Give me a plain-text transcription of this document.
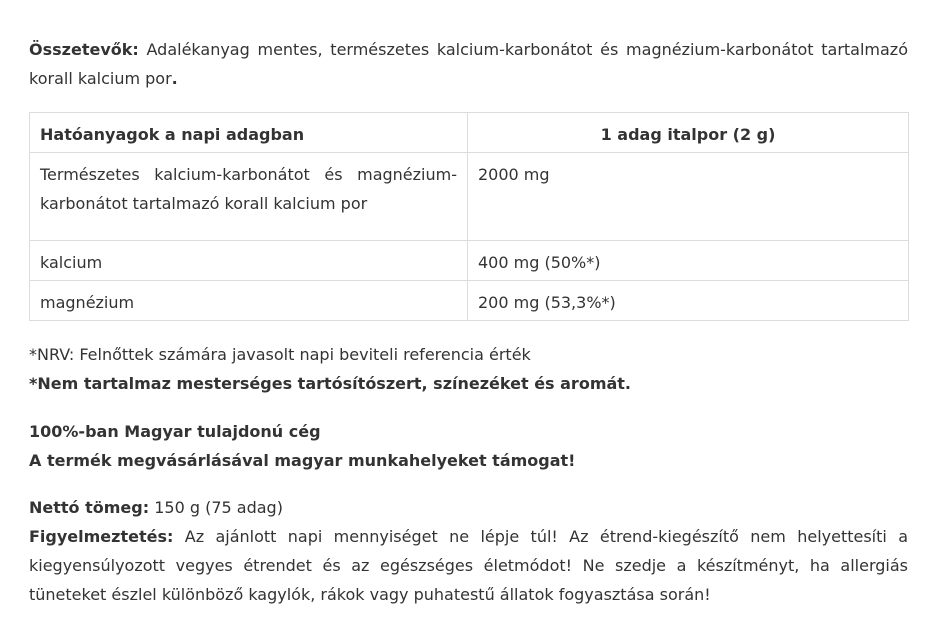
Összetevők: Adalékanyag mentes, természetes kalcium-karbonátot és magnézium-karbonátot tartalmazó korall kalcium por.

Hatóanyagok a napi adagban	1 adag italpor (2 g)
Természetes kalcium-karbonátot és magnézium-karbonátot tartalmazó korall kalcium por	2000 mg
kalcium	400 mg (50%*)
magnézium	200 mg (53,3%*)
*NRV: Felnőttek számára javasolt napi beviteli referencia érték
*Nem tartalmaz mesterséges tartósítószert, színezéket és aromát.
100%-ban Magyar tulajdonú cég
A termék megvásárlásával magyar munkahelyeket támogat!
Nettó tömeg: 150 g (75 adag)
Figyelmeztetés: Az ajánlott napi mennyiséget ne lépje túl! Az étrend-kiegészítő nem helyettesíti a kiegyensúlyozott vegyes étrendet és az egészséges életmódot! Ne szedje a készítményt, ha allergiás tüneteket észlel különböző kagylók, rákok vagy puhatestű állatok fogyasztása során!
